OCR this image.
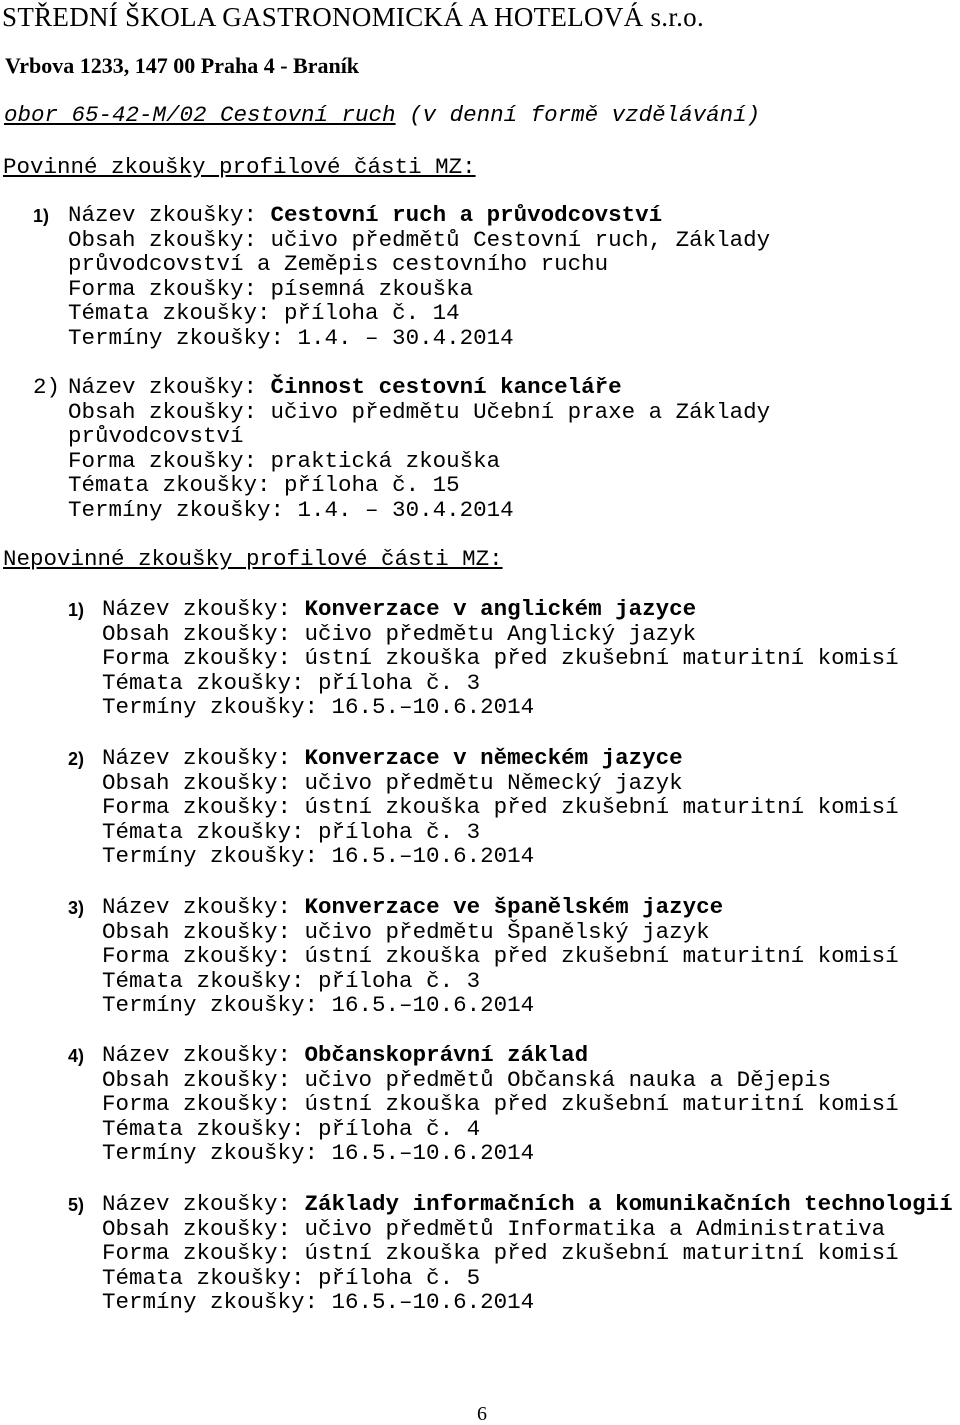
STŘEDNÍ ŠKOLA GASTRONOMICKÁ A HOTELOVÁ s.r.o.
Vrbova 1233, 147 00 Praha 4 - Braník
obor 65-42-M/02 Cestovní ruch (v denní formě vzdělávání)
Povinné zkoušky profilové části MZ:
1) Název zkoušky: Cestovní ruch a průvodcovství
Obsah zkoušky: učivo předmětů Cestovní ruch, Základy
průvodcovství a Zeměpis cestovního ruchu
Forma zkoušky: písemná zkouška
Témata zkoušky: příloha č. 14
Termíny zkoušky: 1.4. – 30.4.2014
2) Název zkoušky: Činnost cestovní kanceláře
Obsah zkoušky: učivo předmětu Učební praxe a Základy
průvodcovství
Forma zkoušky: praktická zkouška
Témata zkoušky: příloha č. 15
Termíny zkoušky: 1.4. – 30.4.2014
Nepovinné zkoušky profilové části MZ:
1) Název zkoušky: Konverzace v anglickém jazyce
Obsah zkoušky: učivo předmětu Anglický jazyk
Forma zkoušky: ústní zkouška před zkušební maturitní komisí
Témata zkoušky: příloha č. 3
Termíny zkoušky: 16.5.–10.6.2014
2) Název zkoušky: Konverzace v německém jazyce
Obsah zkoušky: učivo předmětu Německý jazyk
Forma zkoušky: ústní zkouška před zkušební maturitní komisí
Témata zkoušky: příloha č. 3
Termíny zkoušky: 16.5.–10.6.2014
3) Název zkoušky: Konverzace ve španělském jazyce
Obsah zkoušky: učivo předmětu Španělský jazyk
Forma zkoušky: ústní zkouška před zkušební maturitní komisí
Témata zkoušky: příloha č. 3
Termíny zkoušky: 16.5.–10.6.2014
4) Název zkoušky: Občanskoprávní základ
Obsah zkoušky: učivo předmětů Občanská nauka a Dějepis
Forma zkoušky: ústní zkouška před zkušební maturitní komisí
Témata zkoušky: příloha č. 4
Termíny zkoušky: 16.5.–10.6.2014
5) Název zkoušky: Základy informačních a komunikačních technologií
Obsah zkoušky: učivo předmětů Informatika a Administrativa
Forma zkoušky: ústní zkouška před zkušební maturitní komisí
Témata zkoušky: příloha č. 5
Termíny zkoušky: 16.5.–10.6.2014
6
